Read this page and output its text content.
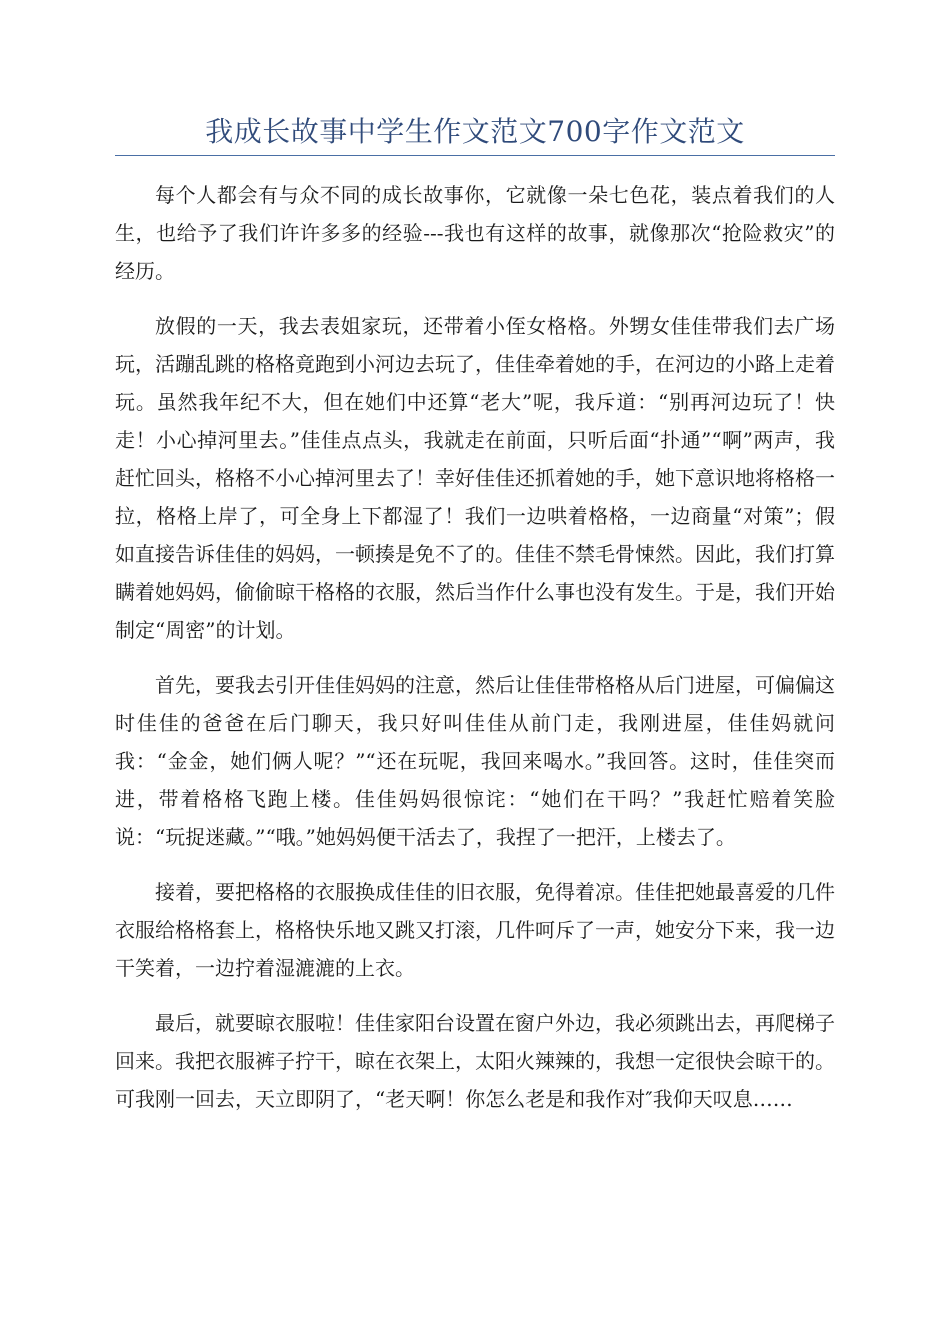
我成长故事中学生作文范文700字作文范文

每个人都会有与众不同的成长故事你，它就像一朵七色花，装点着我们的人生，也给予了我们许许多多的经验---我也有这样的故事，就像那次“抢险救灾”的经历。

放假的一天，我去表姐家玩，还带着小侄女格格。外甥女佳佳带我们去广场玩，活蹦乱跳的格格竟跑到小河边去玩了，佳佳牵着她的手，在河边的小路上走着玩。虽然我年纪不大，但在她们中还算“老大”呢，我斥道：“别再河边玩了！快走！小心掉河里去。”佳佳点点头，我就走在前面，只听后面“扑通”“啊”两声，我赶忙回头，格格不小心掉河里去了！幸好佳佳还抓着她的手，她下意识地将格格一拉，格格上岸了，可全身上下都湿了！我们一边哄着格格，一边商量“对策”；假如直接告诉佳佳的妈妈，一顿揍是免不了的。佳佳不禁毛骨悚然。因此，我们打算瞒着她妈妈，偷偷晾干格格的衣服，然后当作什么事也没有发生。于是，我们开始制定“周密”的计划。

首先，要我去引开佳佳妈妈的注意，然后让佳佳带格格从后门进屋，可偏偏这时佳佳的爸爸在后门聊天，我只好叫佳佳从前门走，我刚进屋，佳佳妈就问我：“金金，她们俩人呢？”“还在玩呢，我回来喝水。”我回答。这时，佳佳突而进，带着格格飞跑上楼。佳佳妈妈很惊诧：“她们在干吗？”我赶忙赔着笑脸说：“玩捉迷藏。”“哦。”她妈妈便干活去了，我捏了一把汗，上楼去了。

接着，要把格格的衣服换成佳佳的旧衣服，免得着凉。佳佳把她最喜爱的几件衣服给格格套上，格格快乐地又跳又打滚，几件呵斥了一声，她安分下来，我一边干笑着，一边拧着湿漉漉的上衣。

最后，就要晾衣服啦！佳佳家阳台设置在窗户外边，我必须跳出去，再爬梯子回来。我把衣服裤子拧干，晾在衣架上，太阳火辣辣的，我想一定很快会晾干的。可我刚一回去，天立即阴了，“老天啊！你怎么老是和我作对″我仰天叹息……
